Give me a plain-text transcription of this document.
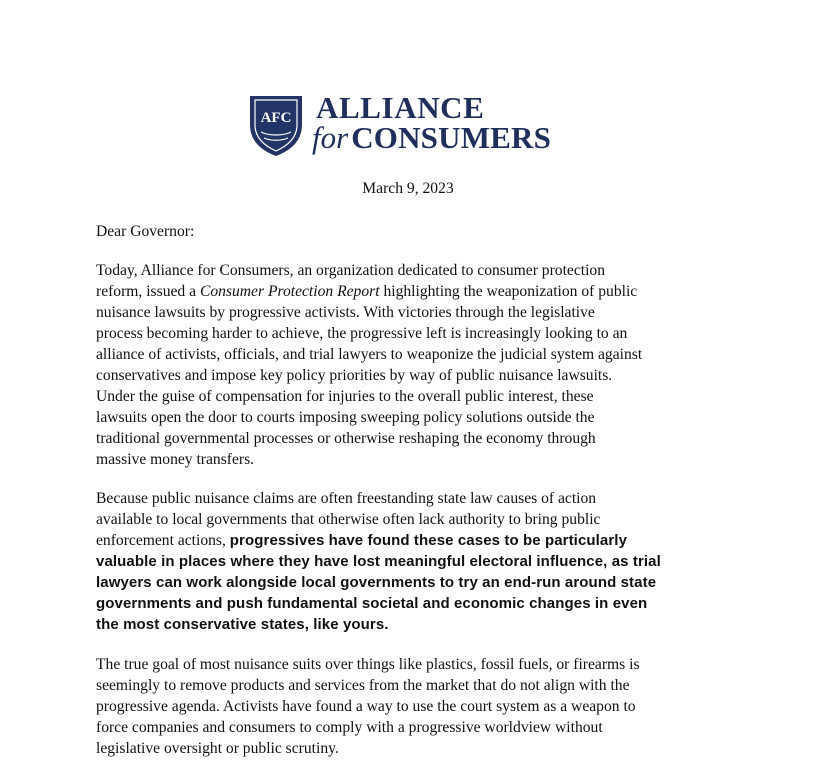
AFC ALLIANCE
forCONSUMERS
March 9, 2023
Dear Governor:
Today, Alliance for Consumers, an organization dedicated to consumer protection
reform, issued a Consumer Protection Report highlighting the weaponization of public
nuisance lawsuits by progressive activists. With victories through the legislative
process becoming harder to achieve, the progressive left is increasingly looking to an
alliance of activists, officials, and trial lawyers to weaponize the judicial system against
conservatives and impose key policy priorities by way of public nuisance lawsuits.
Under the guise of compensation for injuries to the overall public interest, these
lawsuits open the door to courts imposing sweeping policy solutions outside the
traditional governmental processes or otherwise reshaping the economy through
massive money transfers.
Because public nuisance claims are often freestanding state law causes of action
available to local governments that otherwise often lack authority to bring public
enforcement actions, progressives have found these cases to be particularly
valuable in places where they have lost meaningful electoral influence, as trial
lawyers can work alongside local governments to try an end-run around state
governments and push fundamental societal and economic changes in even
the most conservative states, like yours.
The true goal of most nuisance suits over things like plastics, fossil fuels, or firearms is
seemingly to remove products and services from the market that do not align with the
progressive agenda. Activists have found a way to use the court system as a weapon to
force companies and consumers to comply with a progressive worldview without
legislative oversight or public scrutiny.
